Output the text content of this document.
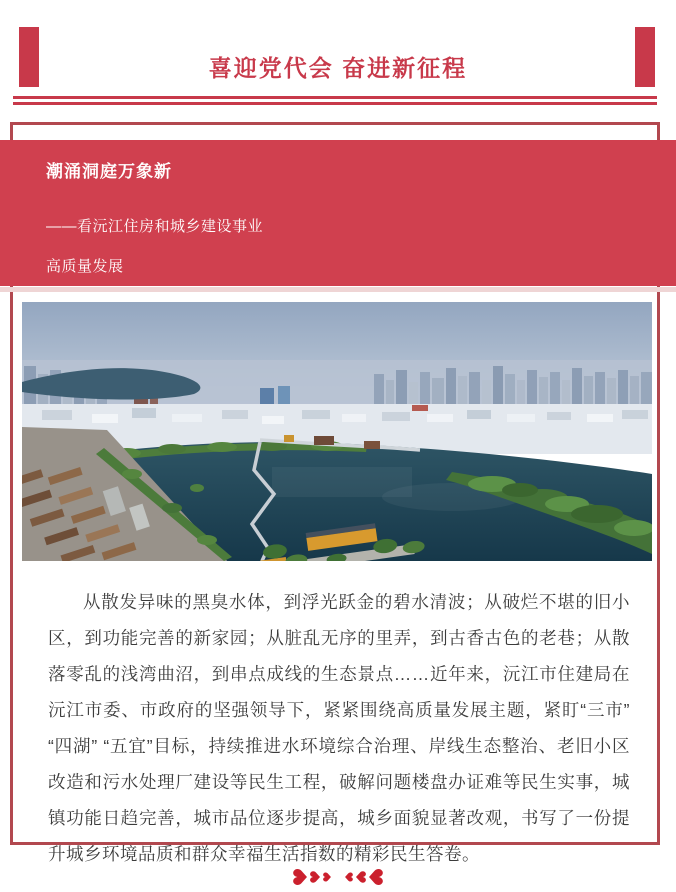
喜迎党代会 奋进新征程
潮涌洞庭万象新
——看沅江住房和城乡建设事业
高质量发展
从散发异味的黑臭水体，到浮光跃金的碧水清波；从破烂不堪的旧小区，到功能完善的新家园；从脏乱无序的里弄，到古香古色的老巷；从散落零乱的浅湾曲沼，到串点成线的生态景点……近年来，沅江市住建局在沅江市委、市政府的坚强领导下，紧紧围绕高质量发展主题，紧盯“三市” “四湖” “五宜”目标，持续推进水环境综合治理、岸线生态整治、老旧小区改造和污水处理厂建设等民生工程，破解问题楼盘办证难等民生实事，城镇功能日趋完善，城市品位逐步提高，城乡面貌显著改观，书写了一份提升城乡环境品质和群众幸福生活指数的精彩民生答卷。
